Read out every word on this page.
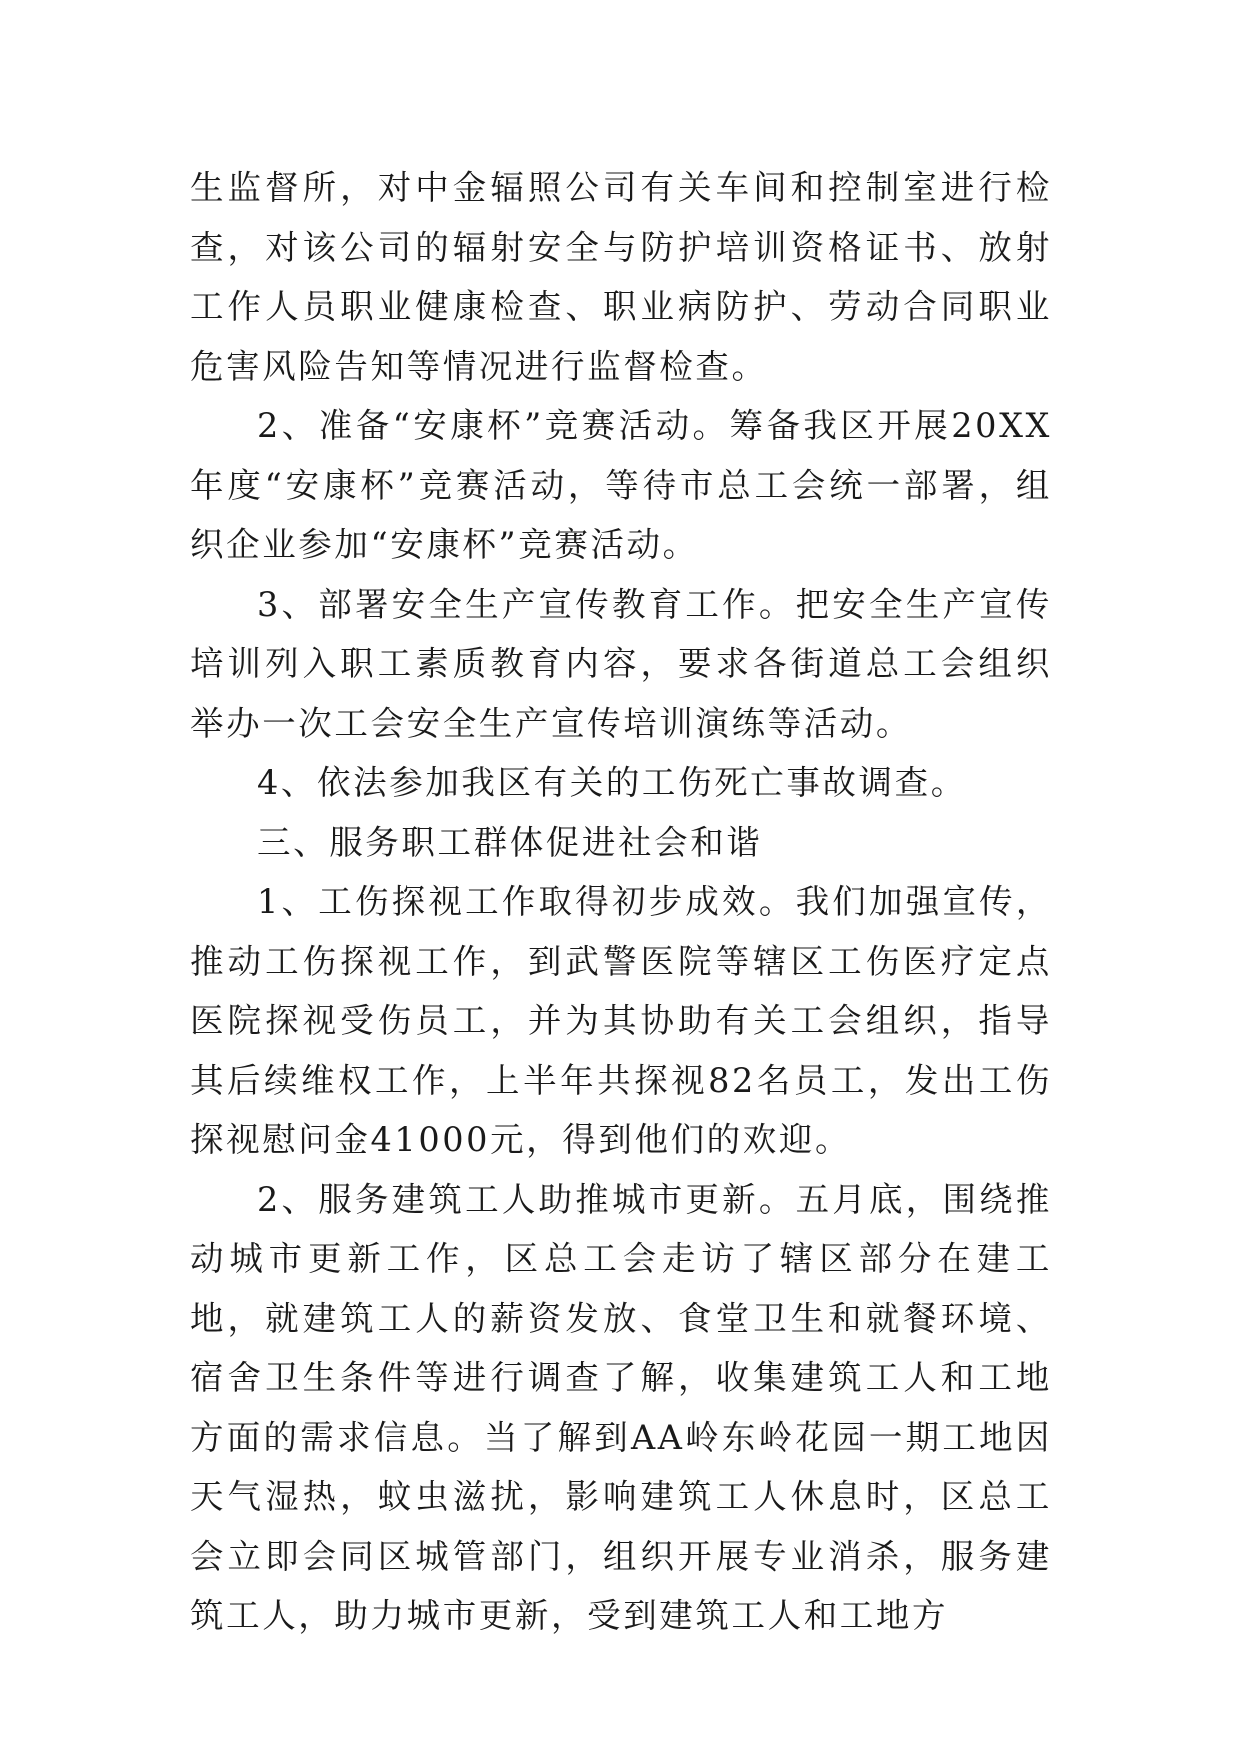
生监督所，对中金辐照公司有关车间和控制室进行检查，对该公司的辐射安全与防护培训资格证书、放射工作人员职业健康检查、职业病防护、劳动合同职业危害风险告知等情况进行监督检查。

2、准备“安康杯”竞赛活动。筹备我区开展20XX年度“安康杯”竞赛活动，等待市总工会统一部署，组织企业参加“安康杯”竞赛活动。

3、部署安全生产宣传教育工作。把安全生产宣传培训列入职工素质教育内容，要求各街道总工会组织举办一次工会安全生产宣传培训演练等活动。

4、依法参加我区有关的工伤死亡事故调查。

三、服务职工群体促进社会和谐

1、工伤探视工作取得初步成效。我们加强宣传，推动工伤探视工作，到武警医院等辖区工伤医疗定点医院探视受伤员工，并为其协助有关工会组织，指导其后续维权工作，上半年共探视82名员工，发出工伤探视慰问金41000元，得到他们的欢迎。

2、服务建筑工人助推城市更新。五月底，围绕推动城市更新工作，区总工会走访了辖区部分在建工地，就建筑工人的薪资发放、食堂卫生和就餐环境、宿舍卫生条件等进行调查了解，收集建筑工人和工地方面的需求信息。当了解到AA岭东岭花园一期工地因天气湿热，蚊虫滋扰，影响建筑工人休息时，区总工会立即会同区城管部门，组织开展专业消杀，服务建筑工人，助力城市更新，受到建筑工人和工地方
